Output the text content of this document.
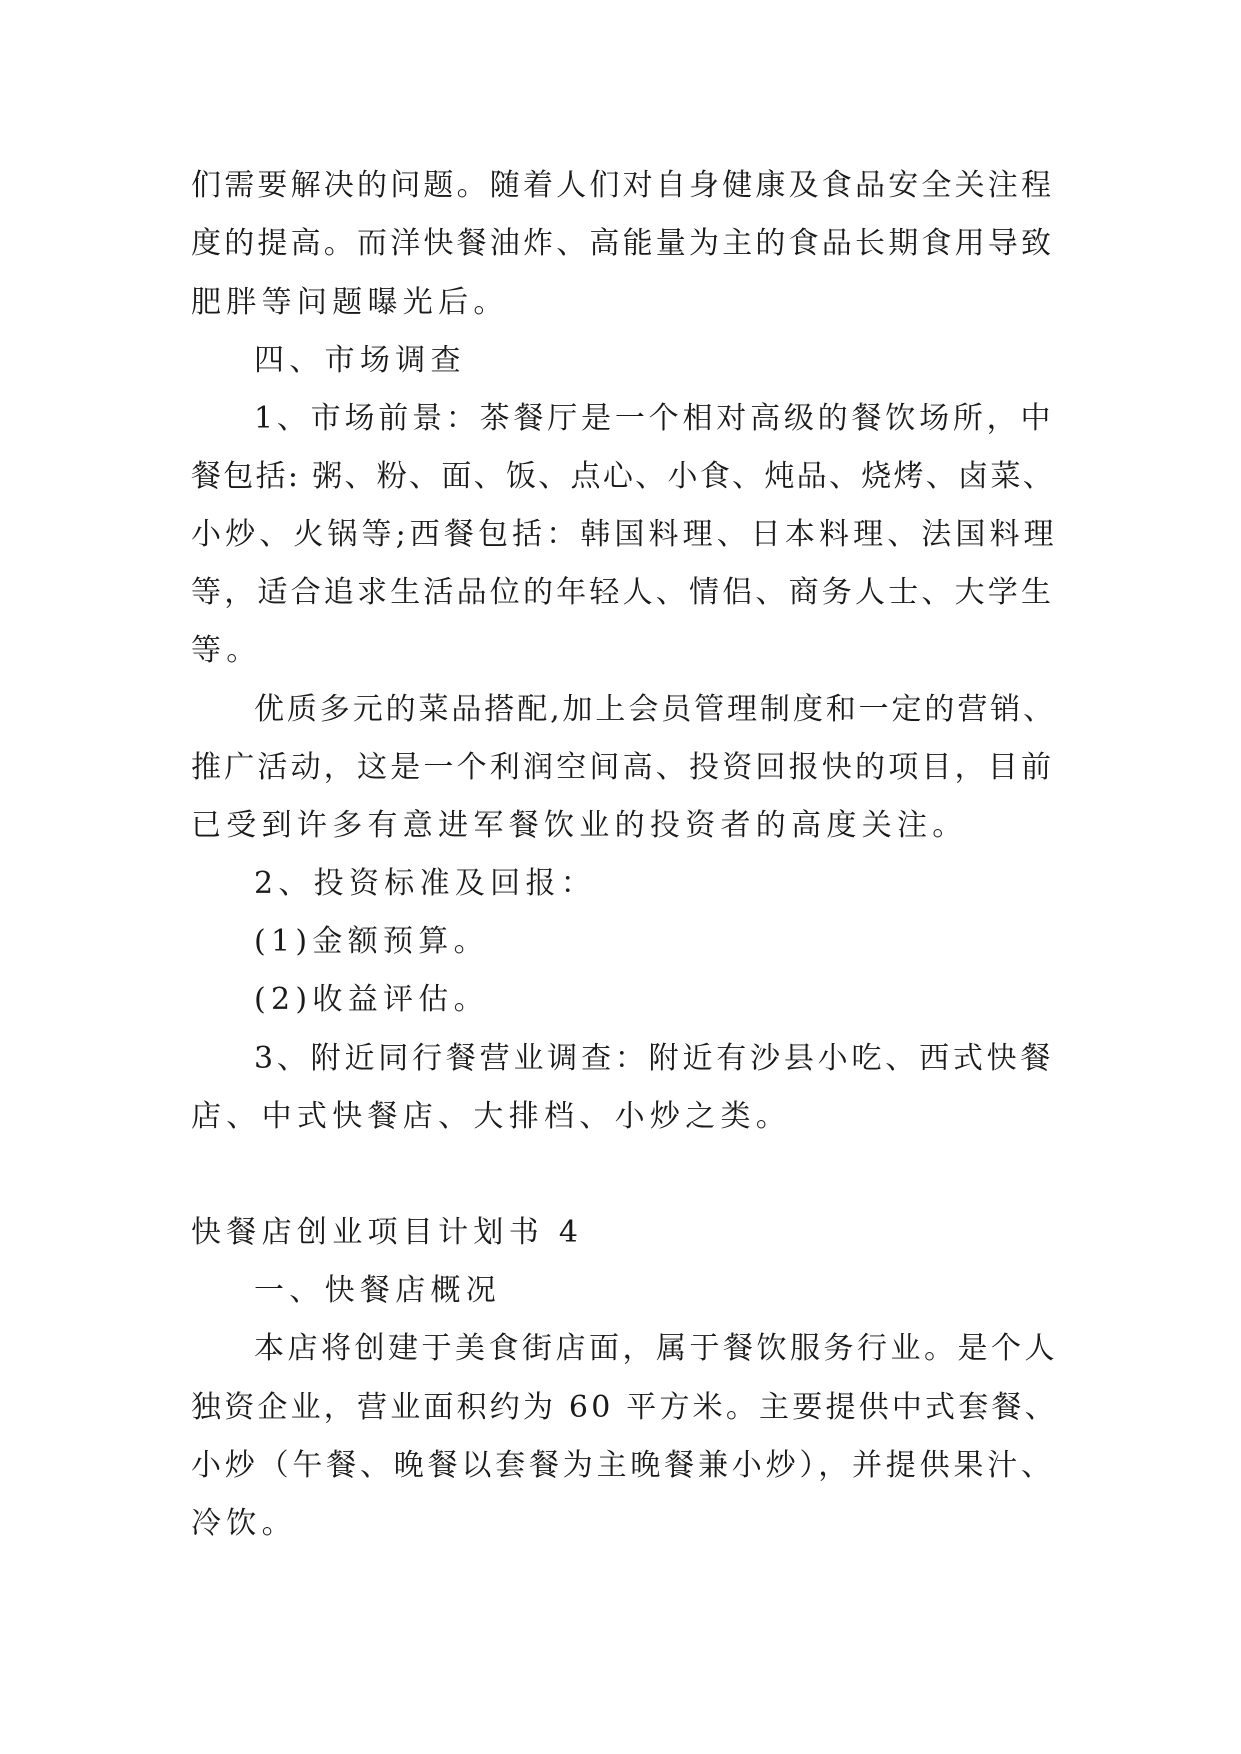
们需要解决的问题。随着人们对自身健康及食品安全关注程
度的提高。而洋快餐油炸、高能量为主的食品长期食用导致
肥胖等问题曝光后。
四、市场调查
1、市场前景：茶餐厅是一个相对高级的餐饮场所，中
餐包括: 粥、粉、面、饭、点心、小食、炖品、烧烤、卤菜、
小炒、火锅等;西餐包括：韩国料理、日本料理、法国料理
等，适合追求生活品位的年轻人、情侣、商务人士、大学生
等。
优质多元的菜品搭配,加上会员管理制度和一定的营销、
推广活动，这是一个利润空间高、投资回报快的项目，目前
已受到许多有意进军餐饮业的投资者的高度关注。
2、投资标准及回报：
(1)金额预算。
(2)收益评估。
3、附近同行餐营业调查：附近有沙县小吃、西式快餐
店、中式快餐店、大排档、小炒之类。
快餐店创业项目计划书 4
一、快餐店概况
本店将创建于美食街店面，属于餐饮服务行业。是个人
独资企业，营业面积约为 60 平方米。主要提供中式套餐、
小炒（午餐、晚餐以套餐为主晚餐兼小炒），并提供果汁、
冷饮。
